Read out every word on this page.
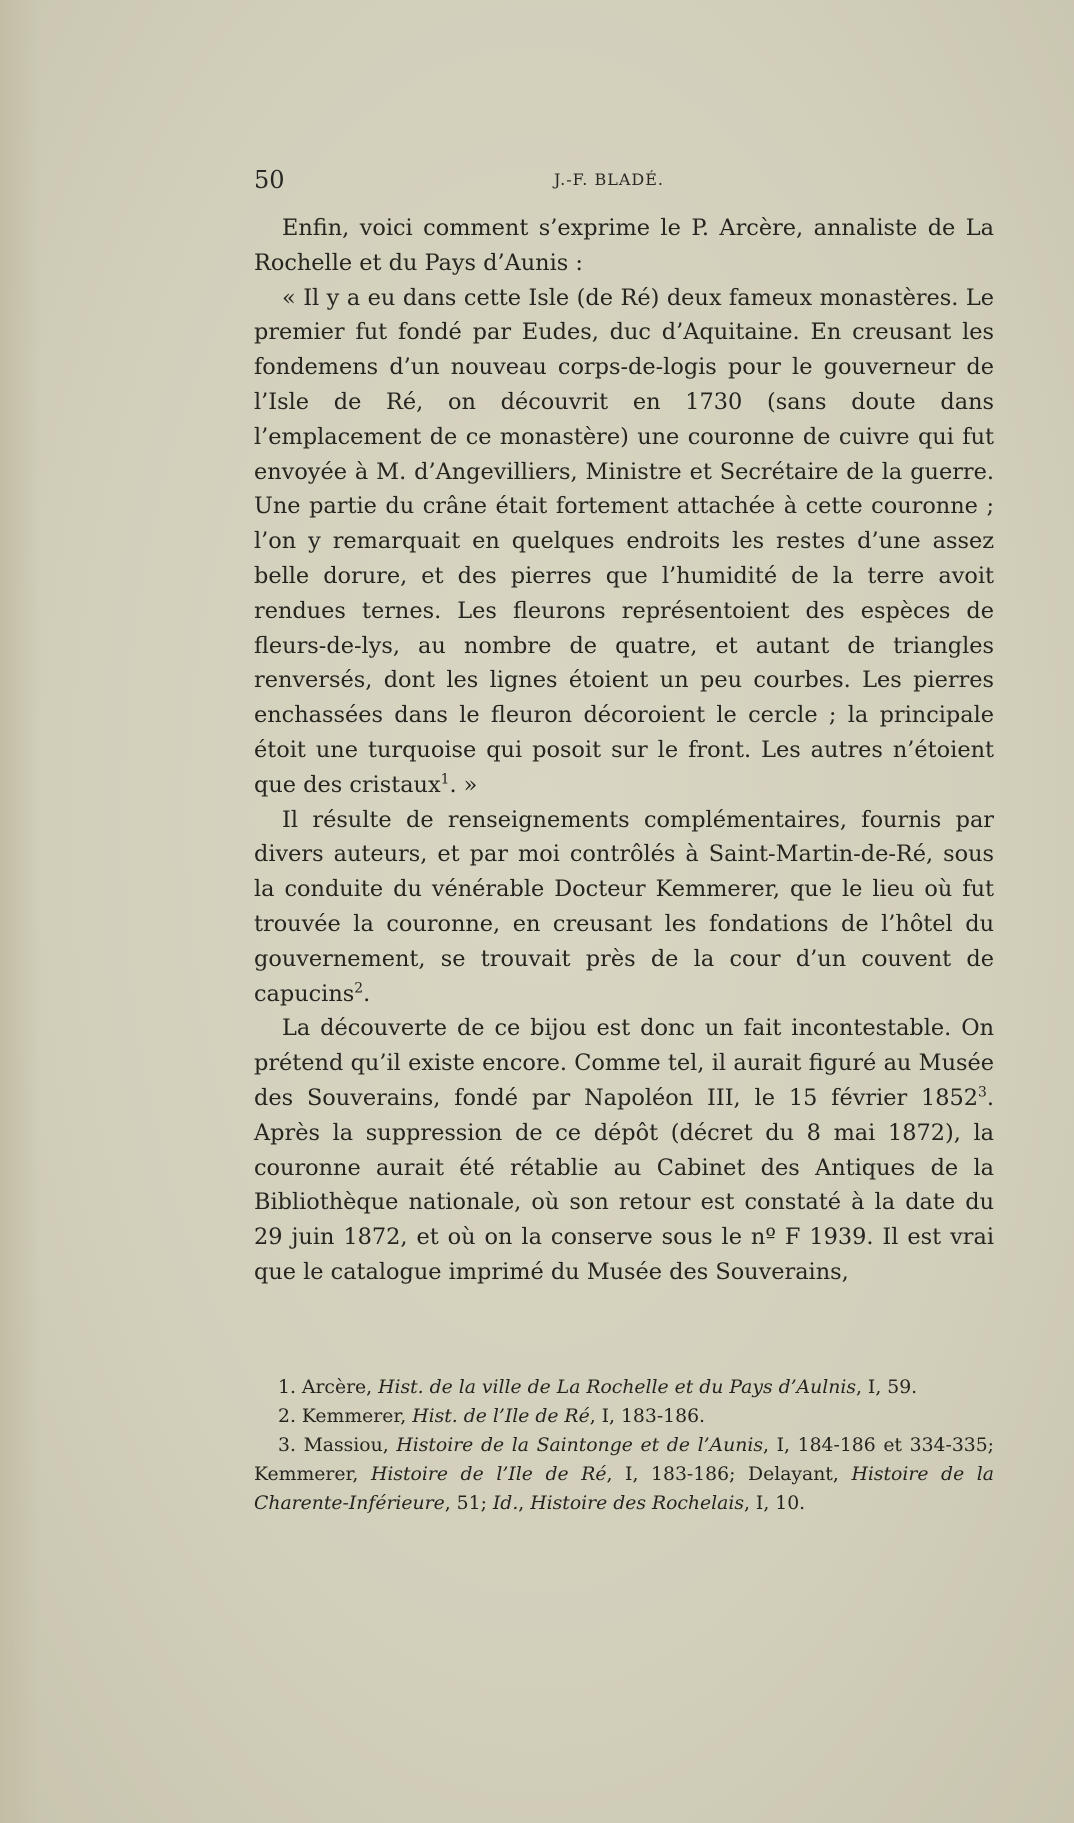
50	J.-F. BLADÉ.

Enfin, voici comment s’exprime le P. Arcère, annaliste de La Rochelle et du Pays d’Aunis :

« Il y a eu dans cette Isle (de Ré) deux fameux monastères. Le premier fut fondé par Eudes, duc d’Aquitaine. En creusant les fondemens d’un nouveau corps-de-logis pour le gouverneur de l’Isle de Ré, on découvrit en 1730 (sans doute dans l’emplacement de ce monastère) une couronne de cuivre qui fut envoyée à M. d’Angevilliers, Ministre et Secrétaire de la guerre. Une partie du crâne était fortement attachée à cette couronne ; l’on y remarquait en quelques endroits les restes d’une assez belle dorure, et des pierres que l’humidité de la terre avoit rendues ternes. Les fleurons représentoient des espèces de fleurs-de-lys, au nombre de quatre, et autant de triangles renversés, dont les lignes étoient un peu courbes. Les pierres enchassées dans le fleuron décoroient le cercle ; la principale étoit une turquoise qui posoit sur le front. Les autres n’étoient que des cristaux$^1$. »

Il résulte de renseignements complémentaires, fournis par divers auteurs, et par moi contrôlés à Saint-Martin-de-Ré, sous la conduite du vénérable Docteur Kemmerer, que le lieu où fut trouvée la couronne, en creusant les fondations de l’hôtel du gouvernement, se trouvait près de la cour d’un couvent de capucins$^2$.

La découverte de ce bijou est donc un fait incontestable. On prétend qu’il existe encore. Comme tel, il aurait figuré au Musée des Souverains, fondé par Napoléon III, le 15 février 1852$^3$. Après la suppression de ce dépôt (décret du 8 mai 1872), la couronne aurait été rétablie au Cabinet des Antiques de la Bibliothèque nationale, où son retour est constaté à la date du 29 juin 1872, et où on la conserve sous le nº F 1939. Il est vrai que le catalogue imprimé du Musée des Souverains,

1. Arcère, Hist. de la ville de La Rochelle et du Pays d’Aulnis, I, 59.

2. Kemmerer, Hist. de l’Ile de Ré, I, 183-186.

3. Massiou, Histoire de la Saintonge et de l’Aunis, I, 184-186 et 334-335; Kemmerer, Histoire de l’Ile de Ré, I, 183-186; Delayant, Histoire de la Charente-Inférieure, 51; Id., Histoire des Rochelais, I, 10.
